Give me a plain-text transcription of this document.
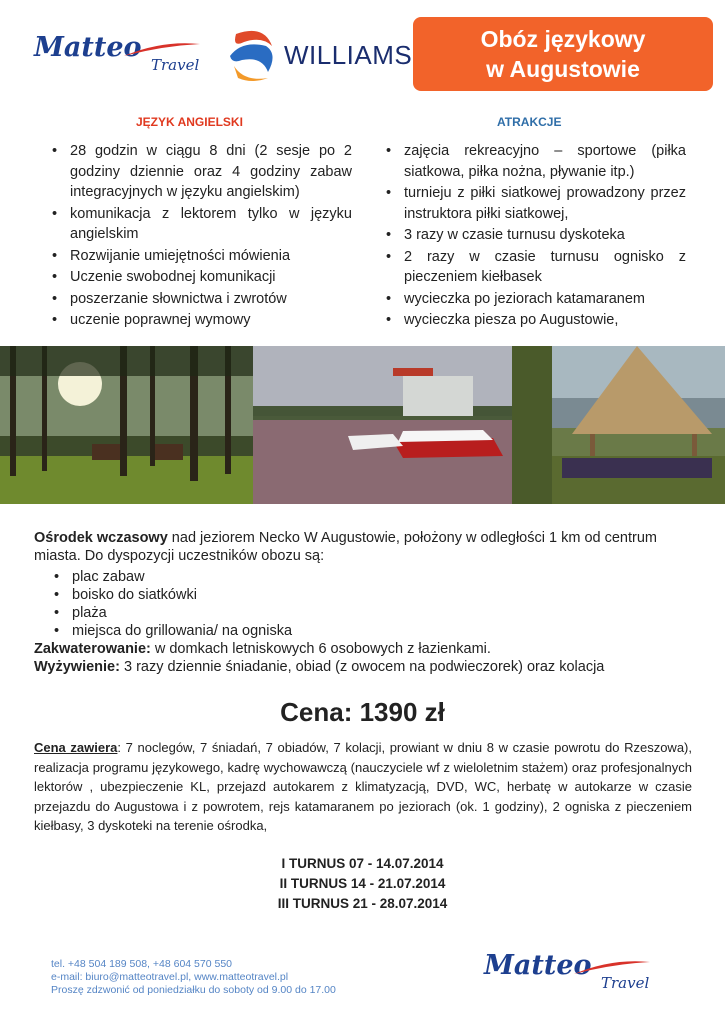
Matteo
Travel	WILLIAMS
Obóz językowy
w Augustowie
JĘZYK ANGIELSKI	ATRAKCJE
• 28 godzin w ciągu 8 dni (2 sesje po 2 godziny dziennie oraz 4 godziny zabaw integracyjnych w języku angielskim)
• komunikacja z lektorem tylko w języku angielskim
• Rozwijanie umiejętności mówienia
• Uczenie swobodnej komunikacji
• poszerzanie słownictwa i zwrotów
• uczenie poprawnej wymowy
• zajęcia rekreacyjno – sportowe (piłka siatkowa, piłka nożna, pływanie itp.)
• turnieju z piłki siatkowej prowadzony przez instruktora piłki siatkowej,
• 3 razy w czasie turnusu dyskoteka
• 2 razy w czasie turnusu ognisko z pieczeniem kiełbasek
• wycieczka po jeziorach katamaranem
• wycieczka piesza po Augustowie,
Ośrodek wczasowy nad jeziorem Necko W Augustowie, położony w odległości 1 km od centrum miasta. Do dyspozycji uczestników obozu są:
• plac zabaw
• boisko do siatkówki
• plaża
• miejsca do grillowania/ na ogniska
Zakwaterowanie: w domkach letniskowych 6 osobowych z łazienkami.
Wyżywienie: 3 razy dziennie śniadanie, obiad (z owocem na podwieczorek) oraz kolacja
Cena: 1390 zł
Cena zawiera: 7 noclegów, 7 śniadań, 7 obiadów, 7 kolacji, prowiant w dniu 8 w czasie powrotu do Rzeszowa), realizacja programu językowego, kadrę wychowawczą (nauczyciele wf z wieloletnim stażem) oraz profesjonalnych lektorów , ubezpieczenie KL, przejazd autokarem z klimatyzacją, DVD, WC, herbatę w autokarze w czasie przejazdu do Augustowa i z powrotem, rejs katamaranem po jeziorach (ok. 1 godziny), 2 ogniska z pieczeniem kiełbasy, 3 dyskoteki na terenie ośrodka,
I TURNUS 07 - 14.07.2014
II TURNUS 14 - 21.07.2014
III TURNUS 21 - 28.07.2014
tel. +48 504 189 508, +48 604 570 550
e-mail: biuro@matteotravel.pl, www.matteotravel.pl
Proszę zdzwonić od poniedziałku do soboty od 9.00 do 17.00
Matteo
Travel
